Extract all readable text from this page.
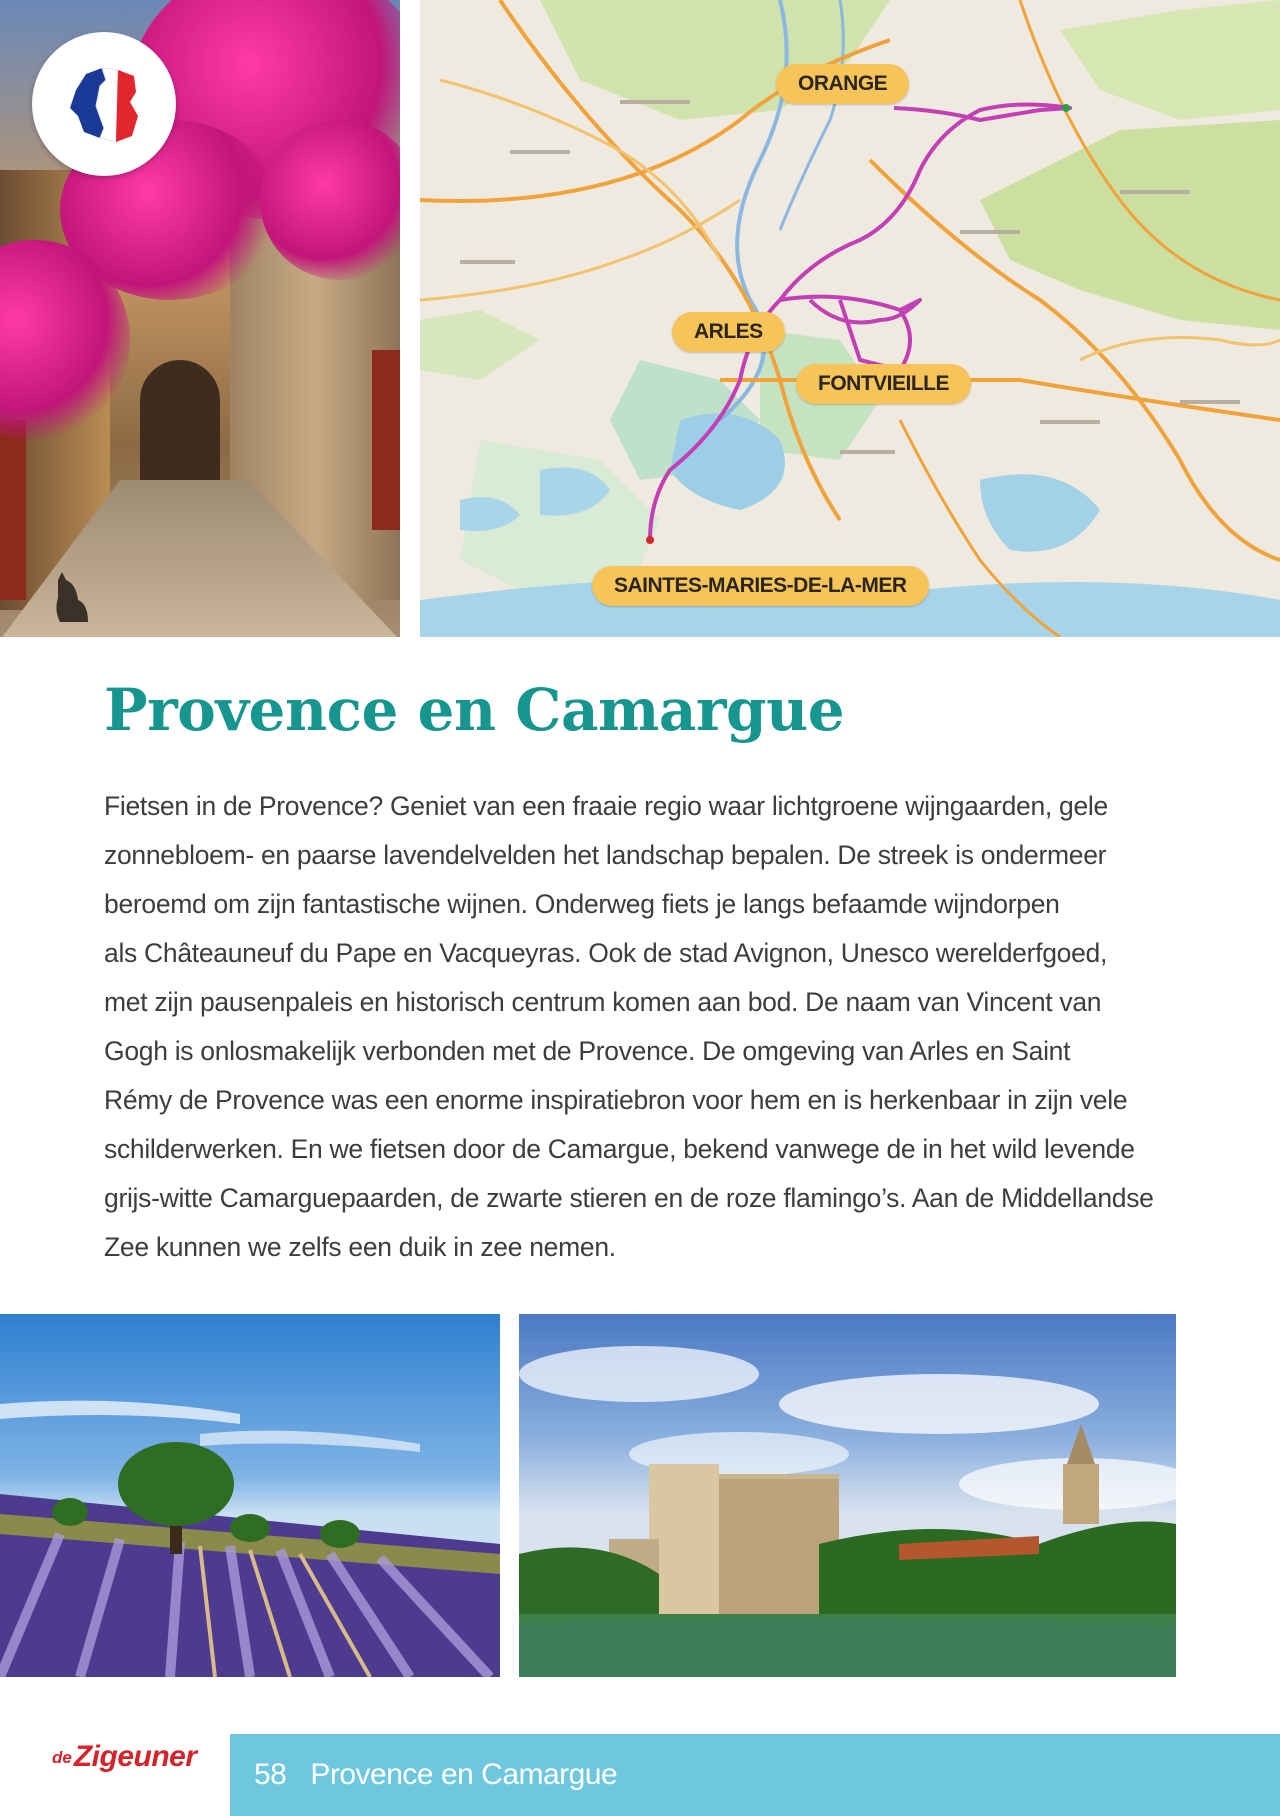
ORANGE
ARLES
FONTVIEILLE
SAINTES-MARIES-DE-LA-MER
Provence en Camargue
Fietsen in de Provence? Geniet van een fraaie regio waar lichtgroene wijngaarden, gele
zonnebloem- en paarse lavendelvelden het landschap bepalen. De streek is ondermeer
beroemd om zijn fantastische wijnen. Onderweg fiets je langs befaamde wijndorpen
als Châteauneuf du Pape en Vacqueyras. Ook de stad Avignon, Unesco werelderfgoed,
met zijn pausenpaleis en historisch centrum komen aan bod. De naam van Vincent van
Gogh is onlosmakelijk verbonden met de Provence. De omgeving van Arles en Saint
Rémy de Provence was een enorme inspiratiebron voor hem en is herkenbaar in zijn vele
schilderwerken. En we fietsen door de Camargue, bekend vanwege de in het wild levende
grijs-witte Camarguepaarden, de zwarte stieren en de roze flamingo’s. Aan de Middellandse
Zee kunnen we zelfs een duik in zee nemen.
deZigeuner
58 Provence en Camargue
